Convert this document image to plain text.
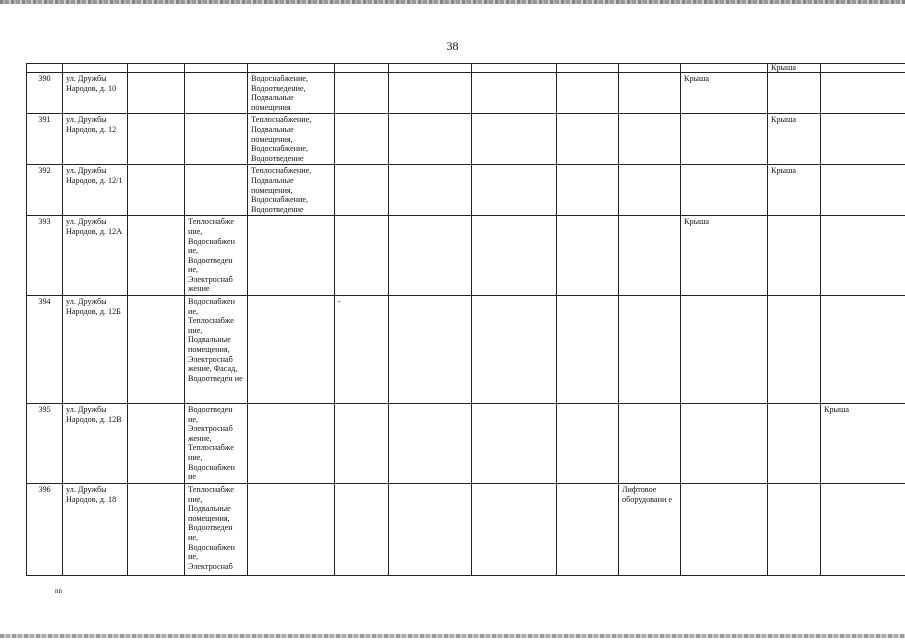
38
											Крыша	
390	ул. Дружбы Народов, д. 10			Водоснабжение, Водоотведение, Подвальные помещения						Крыша		
391	ул. Дружбы Народов, д. 12			Теплоснабжение, Подвальные помещения, Водоснабжение, Водоотведение							Крыша	
392	ул. Дружбы Народов, д. 12/1			Теплоснабжение, Подвальные помещения, Водоснабжение, Водоотведение							Крыша	
393	ул. Дружбы Народов, д. 12А		Теплоснабже ние, Водоснабжен ие, Водоотведен ие, Электроснаб жение							Крыша		
394	ул. Дружбы Народов, д. 12Б		Водоснабжен ие, Теплоснабже ние, Подвальные помещения, Электроснаб жение, Фасад, Водоотведен ие		-							
395	ул. Дружбы Народов, д. 12В		Водоотведен ие, Электроснаб жение, Теплоснабже ние, Водоснабжен ие									Крыша
396	ул. Дружбы Народов, д. 18		Теплоснабже ние, Подвальные помещения, Водоотведен ие, Водоснабжен ие, Электроснаб						Лифтовое оборудовани е			
nn
